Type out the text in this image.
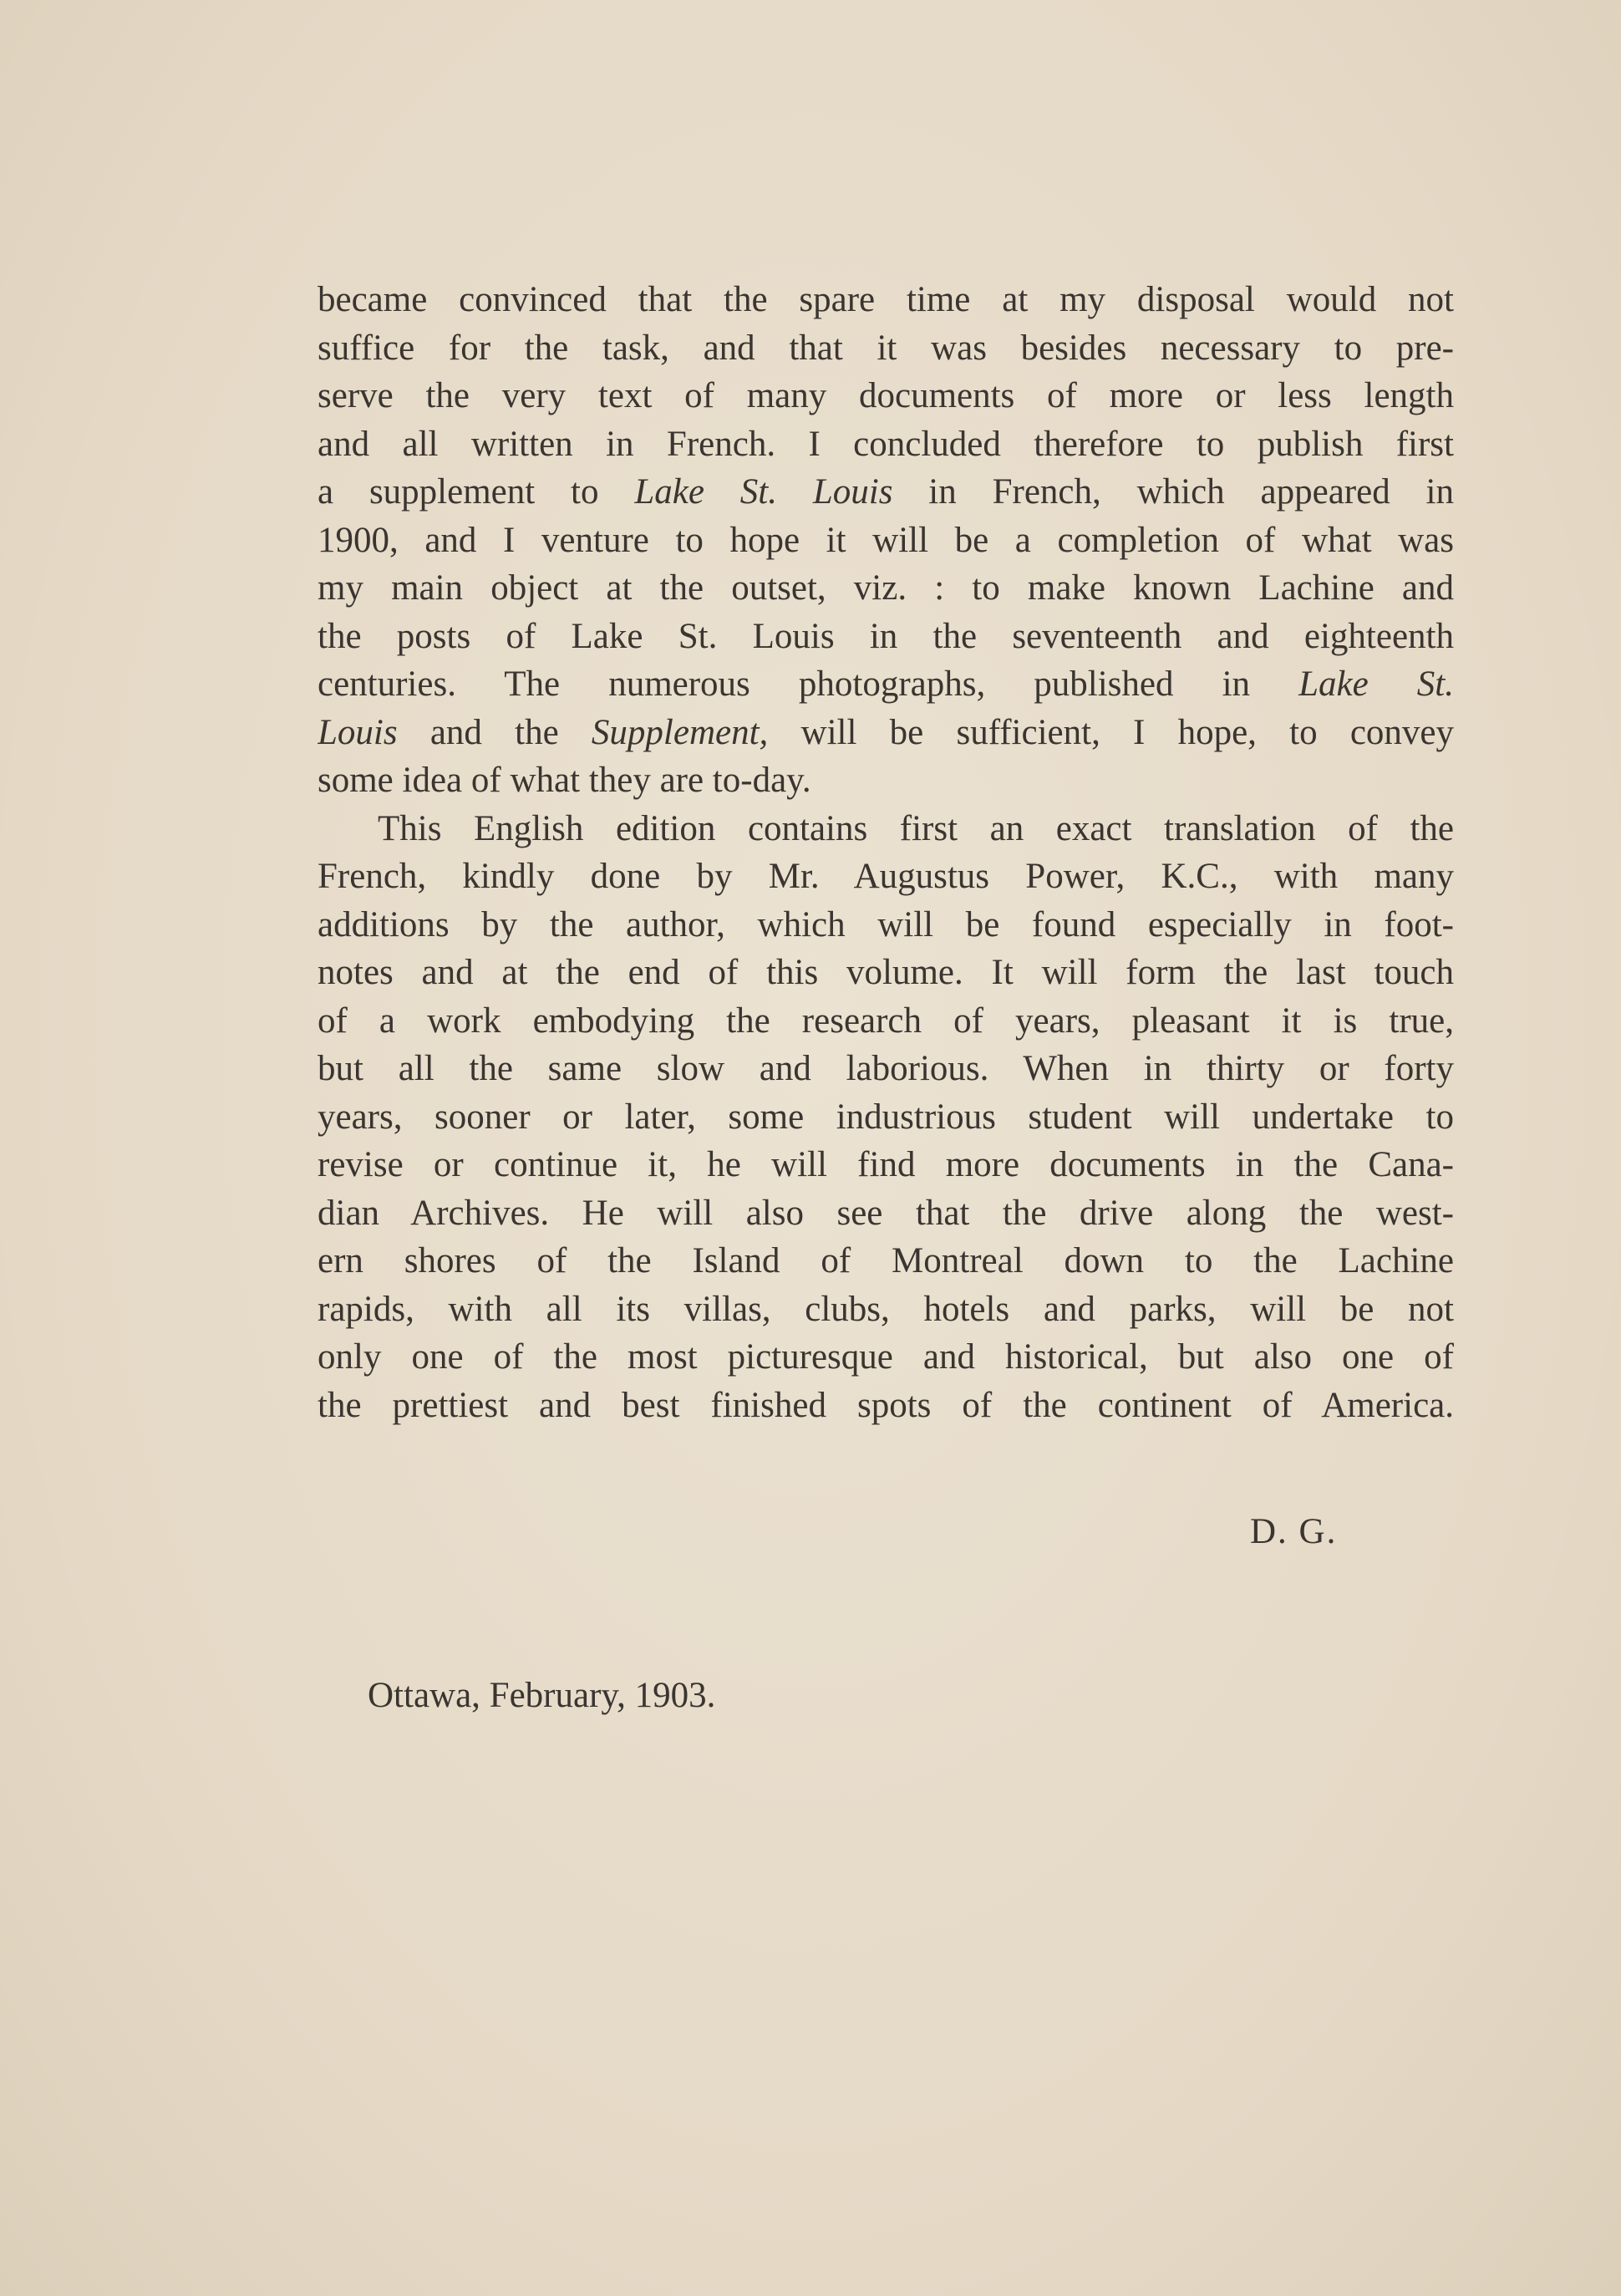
became convinced that the spare time at my disposal would not
suffice for the task, and that it was besides necessary to pre-
serve the very text of many documents of more or less length
and all written in French. I concluded therefore to publish first
a supplement to Lake St. Louis in French, which appeared in
1900, and I venture to hope it will be a completion of what was
my main object at the outset, viz. : to make known Lachine and
the posts of Lake St. Louis in the seventeenth and eighteenth
centuries. The numerous photographs, published in Lake St.
Louis and the Supplement, will be sufficient, I hope, to convey
some idea of what they are to-day.
This English edition contains first an exact translation of the
French, kindly done by Mr. Augustus Power, K.C., with many
additions by the author, which will be found especially in foot-
notes and at the end of this volume. It will form the last touch
of a work embodying the research of years, pleasant it is true,
but all the same slow and laborious. When in thirty or forty
years, sooner or later, some industrious student will undertake to
revise or continue it, he will find more documents in the Cana-
dian Archives. He will also see that the drive along the west-
ern shores of the Island of Montreal down to the Lachine
rapids, with all its villas, clubs, hotels and parks, will be not
only one of the most picturesque and historical, but also one of
the prettiest and best finished spots of the continent of America.
D. G.
Ottawa, February, 1903.
